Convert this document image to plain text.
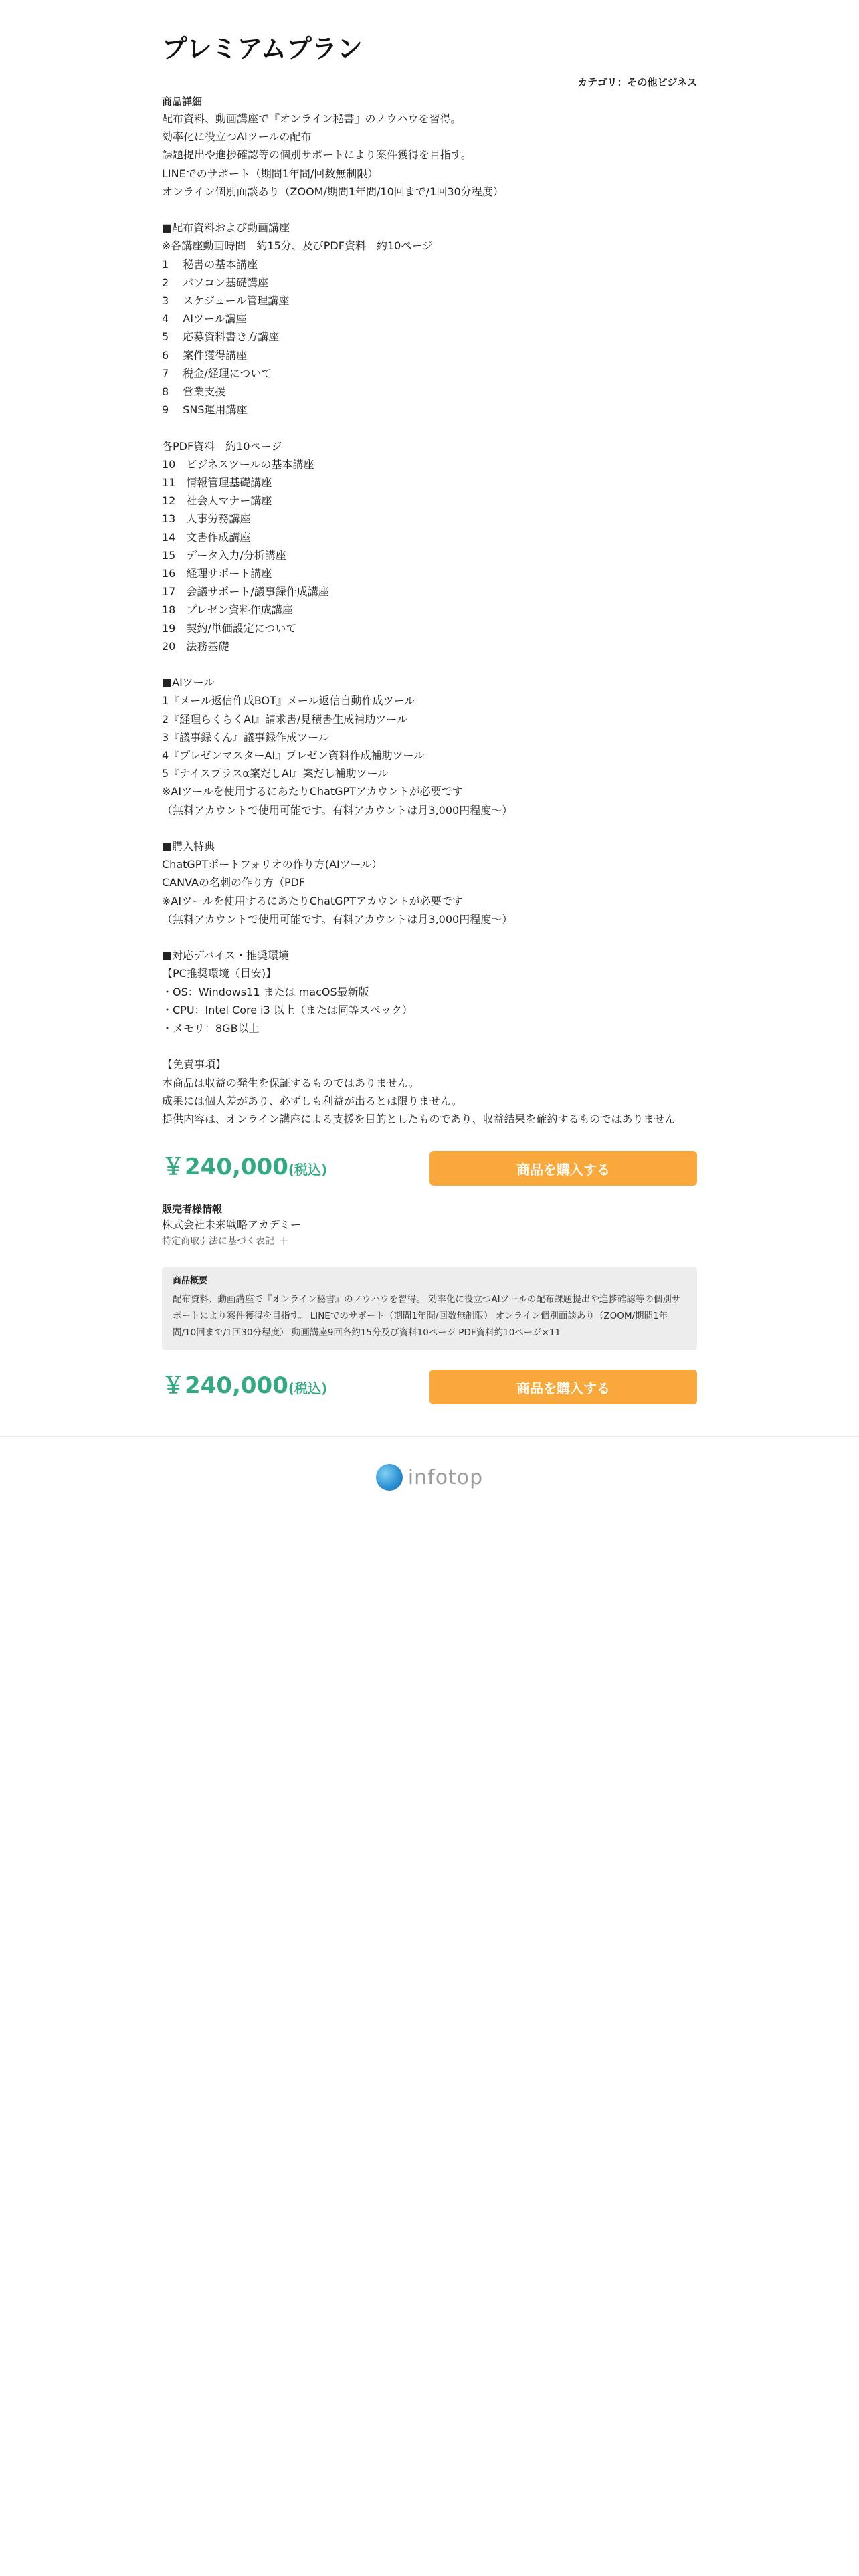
プレミアムプラン
カテゴリ：その他ビジネス
商品詳細
配布資料、動画講座で『オンライン秘書』のノウハウを習得。
効率化に役立つAIツールの配布
課題提出や進捗確認等の個別サポートにより案件獲得を目指す。
LINEでのサポート（期間1年間/回数無制限）
オンライン個別面談あり（ZOOM/期間1年間/10回まで/1回30分程度）
■配布資料および動画講座
※各講座動画時間　約15分、及びPDF資料　約10ページ
1　 秘書の基本講座
2　 パソコン基礎講座
3　 スケジュール管理講座
4　 AIツール講座
5　 応募資料書き方講座
6　 案件獲得講座
7　 税金/経理について
8　 営業支援
9　 SNS運用講座
各PDF資料　約10ページ
10　ビジネスツールの基本講座
11　情報管理基礎講座
12　社会人マナー講座
13　人事労務講座
14　文書作成講座
15　データ入力/分析講座
16　経理サポート講座
17　会議サポート/議事録作成講座
18　プレゼン資料作成講座
19　契約/単価設定について
20　法務基礎
■AIツール
1『メール返信作成BOT』メール返信自動作成ツール
2『経理らくらくAI』請求書/見積書生成補助ツール
3『議事録くん』議事録作成ツール
4『プレゼンマスターAI』プレゼン資料作成補助ツール
5『ナイスプラスα案だしAI』案だし補助ツール
※AIツールを使用するにあたりChatGPTアカウントが必要です
（無料アカウントで使用可能です。有料アカウントは月3,000円程度〜）
■購入特典
ChatGPTポートフォリオの作り方(AIツール）
CANVAの名刺の作り方（PDF
※AIツールを使用するにあたりChatGPTアカウントが必要です
（無料アカウントで使用可能です。有料アカウントは月3,000円程度〜）
■対応デバイス・推奨環境
【PC推奨環境（目安)】
・OS：Windows11 または macOS最新版
・CPU：Intel Core i3 以上（または同等スペック）
・メモリ：8GB以上
【免責事項】
本商品は収益の発生を保証するものではありません。
成果には個人差があり、必ずしも利益が出るとは限りません。
提供内容は、オンライン講座による支援を目的としたものであり、収益結果を確約するものではありません
￥240,000(税込)	商品を購入する
販売者様情報
株式会社未来戦略アカデミー
特定商取引法に基づく表記 ＋
商品概要
配布資料、動画講座で『オンライン秘書』のノウハウを習得。 効率化に役立つAIツールの配布課題提出や進捗確認等の個別サポートにより案件獲得を目指す。 LINEでのサポート（期間1年間/回数無制限） オンライン個別面談あり（ZOOM/期間1年間/10回まで/1回30分程度） 動画講座9回各約15分及び資料10ページ PDF資料約10ページ×11
￥240,000(税込)	商品を購入する
infotop
